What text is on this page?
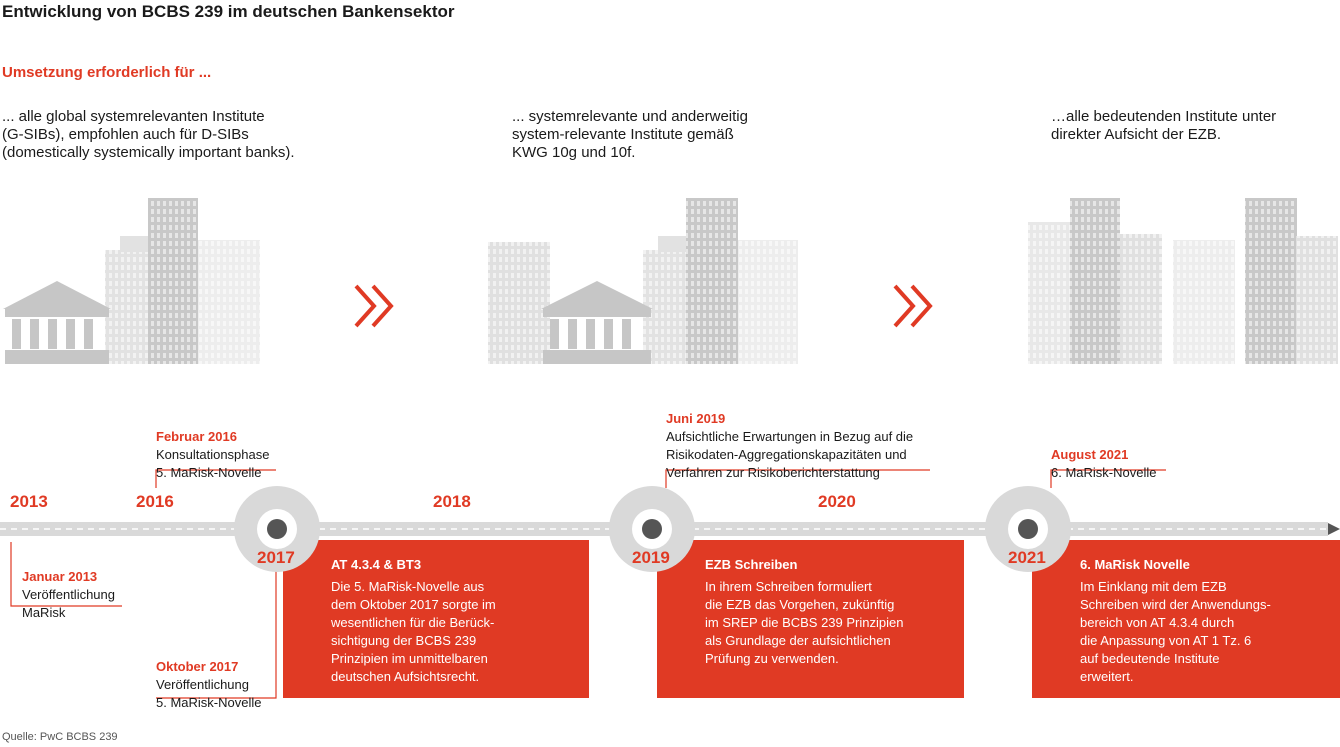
Entwicklung von BCBS 239 im deutschen Bankensektor
Umsetzung erforderlich für ...
... alle global systemrelevanten Institute
(G-SIBs), empfohlen auch für D-SIBs
(domestically systemically important banks).
... systemrelevante und anderweitig
system-relevante Institute gemäß
KWG 10g und 10f.
…alle bedeutenden Institute unter
direkter Aufsicht der EZB.
2013	2016	2018	2020
AT 4.3.4 & BT3
Die 5. MaRisk-Novelle aus
dem Oktober 2017 sorgte im
wesentlichen für die Berück-
sichtigung der BCBS 239
Prinzipien im unmittelbaren
deutschen Aufsichtsrecht.
EZB Schreiben
In ihrem Schreiben formuliert
die EZB das Vorgehen, zukünftig
im SREP die BCBS 239 Prinzipien
als Grundlage der aufsichtlichen
Prüfung zu verwenden.
6. MaRisk Novelle
Im Einklang mit dem EZB
Schreiben wird der Anwendungs-
bereich von AT 4.3.4 durch
die Anpassung von AT 1 Tz. 6
auf bedeutende Institute
erweitert.
2017	2019	2021

Januar 2013
Veröffentlichung
MaRisk

Februar 2016
Konsultationsphase
5. MaRisk-Novelle

Oktober 2017
Veröffentlichung
5. MaRisk-Novelle

Juni 2019
Aufsichtliche Erwartungen in Bezug auf die
Risikodaten-Aggregationskapazitäten und
Verfahren zur Risikoberichterstattung

August 2021
6. MaRisk-Novelle

Quelle: PwC BCBS 239
